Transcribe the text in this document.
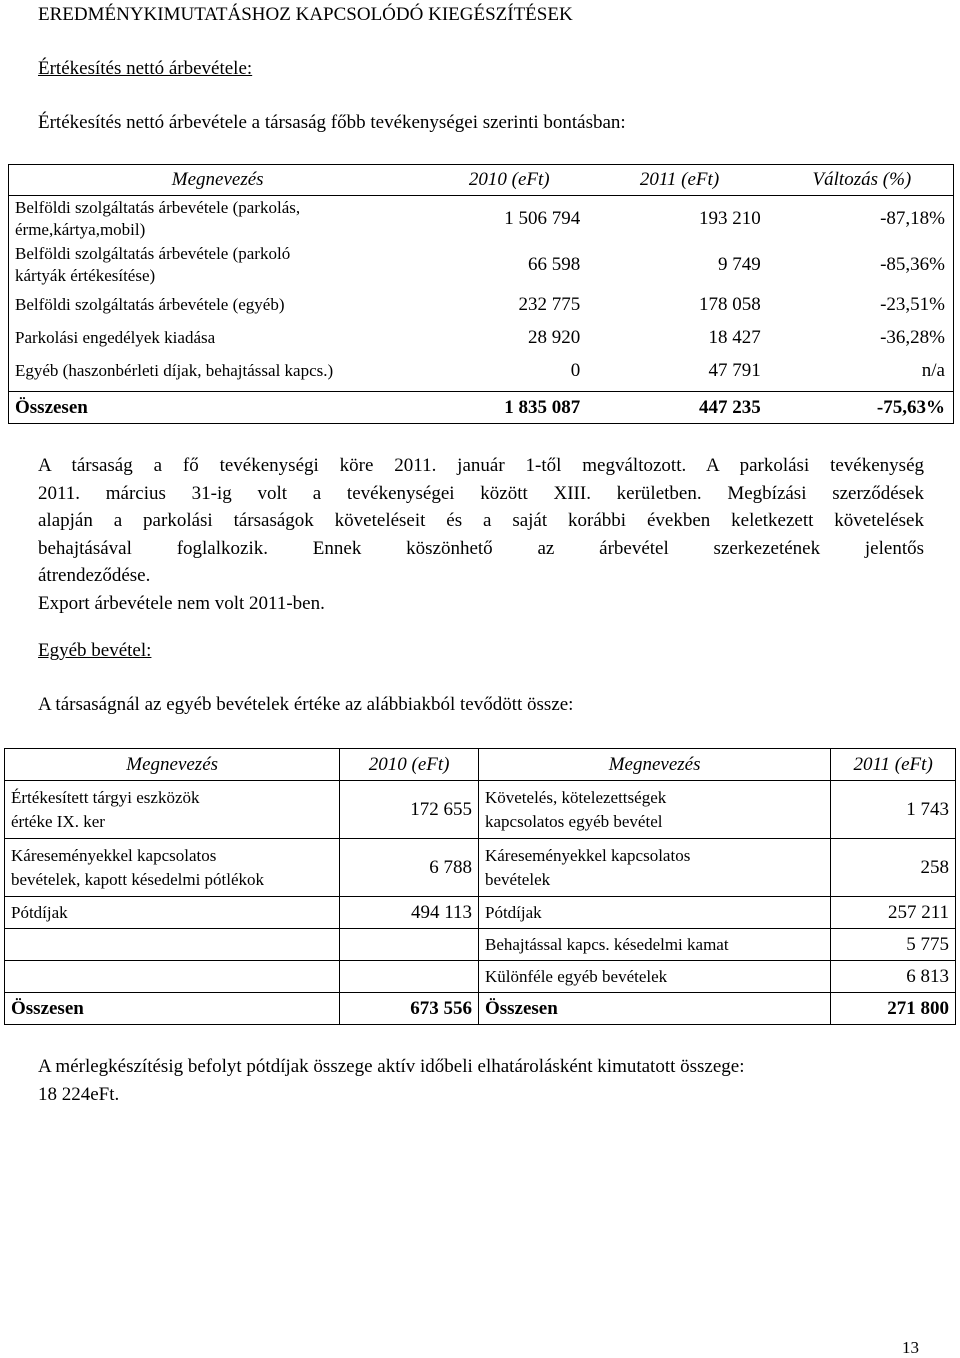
EREDMÉNYKIMUTATÁSHOZ KAPCSOLÓDÓ KIEGÉSZÍTÉSEK
Értékesítés nettó árbevétele:
Értékesítés nettó árbevétele a társaság főbb tevékenységei szerinti bontásban:
Megnevezés	2010 (eFt)	2011 (eFt)	Változás (%)
Belföldi szolgáltatás árbevétele (parkolás,
érme,kártya,mobil)	1 506 794	193 210	-87,18%
Belföldi szolgáltatás árbevétele (parkoló
kártyák értékesítése)	66 598	9 749	-85,36%
Belföldi szolgáltatás árbevétele (egyéb)	232 775	178 058	-23,51%
Parkolási engedélyek kiadása	28 920	18 427	-36,28%
Egyéb (haszonbérleti díjak, behajtással kapcs.)	0	47 791	n/a
Összesen	1 835 087	447 235	-75,63%
A társaság a fő tevékenységi köre 2011. január 1-től megváltozott. A parkolási tevékenység
2011. március 31-ig volt a tevékenységei között XIII. kerületben. Megbízási szerződések
alapján a parkolási társaságok követeléseit és a saját korábbi években keletkezett követelések
behajtásával foglalkozik. Ennek köszönhető az árbevétel szerkezetének jelentős
átrendeződése.
Export árbevétele nem volt 2011-ben.
Egyéb bevétel:
A társaságnál az egyéb bevételek értéke az alábbiakból tevődött össze:
Megnevezés	2010 (eFt)	Megnevezés	2011 (eFt)
Értékesített tárgyi eszközök
értéke IX. ker	172 655	Követelés, kötelezettségek
kapcsolatos egyéb bevétel	1 743
Káreseményekkel kapcsolatos
bevételek, kapott késedelmi pótlékok	6 788	Káreseményekkel kapcsolatos
bevételek	258
Pótdíjak	494 113	Pótdíjak	257 211
		Behajtással kapcs. késedelmi kamat	5 775
		Különféle egyéb bevételek	6 813
Összesen	673 556	Összesen	271 800
A mérlegkészítésig befolyt pótdíjak összege aktív időbeli elhatárolásként kimutatott összege:
18 224eFt.
13
